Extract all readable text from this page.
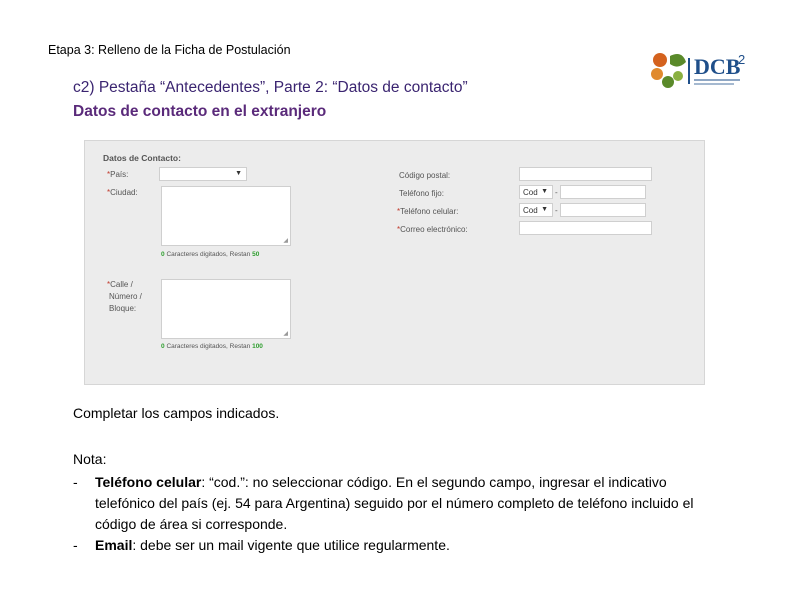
Etapa 3: Relleno de la Ficha de Postulación
c2) Pestaña “Antecedentes”, Parte 2: “Datos de contacto”
Datos de contacto en el extranjero
DCB
2
Datos de Contacto:
*País:	▼
*Ciudad:
◢
0 Caracteres digitados, Restan 50
*Calle /
Número /
Bloque:
◢
0 Caracteres digitados, Restan 100
Código postal:
Teléfono fijo:	Cod ▼ -
*Teléfono celular:	Cod ▼ -
*Correo electrónico:
Completar los campos indicados.
Nota:
- Teléfono celular: “cod.”: no seleccionar código. En el segundo campo, ingresar el indicativo telefónico del país (ej. 54 para Argentina) seguido por el número completo de teléfono incluido el código de área si corresponde.
- Email: debe ser un mail vigente que utilice regularmente.
